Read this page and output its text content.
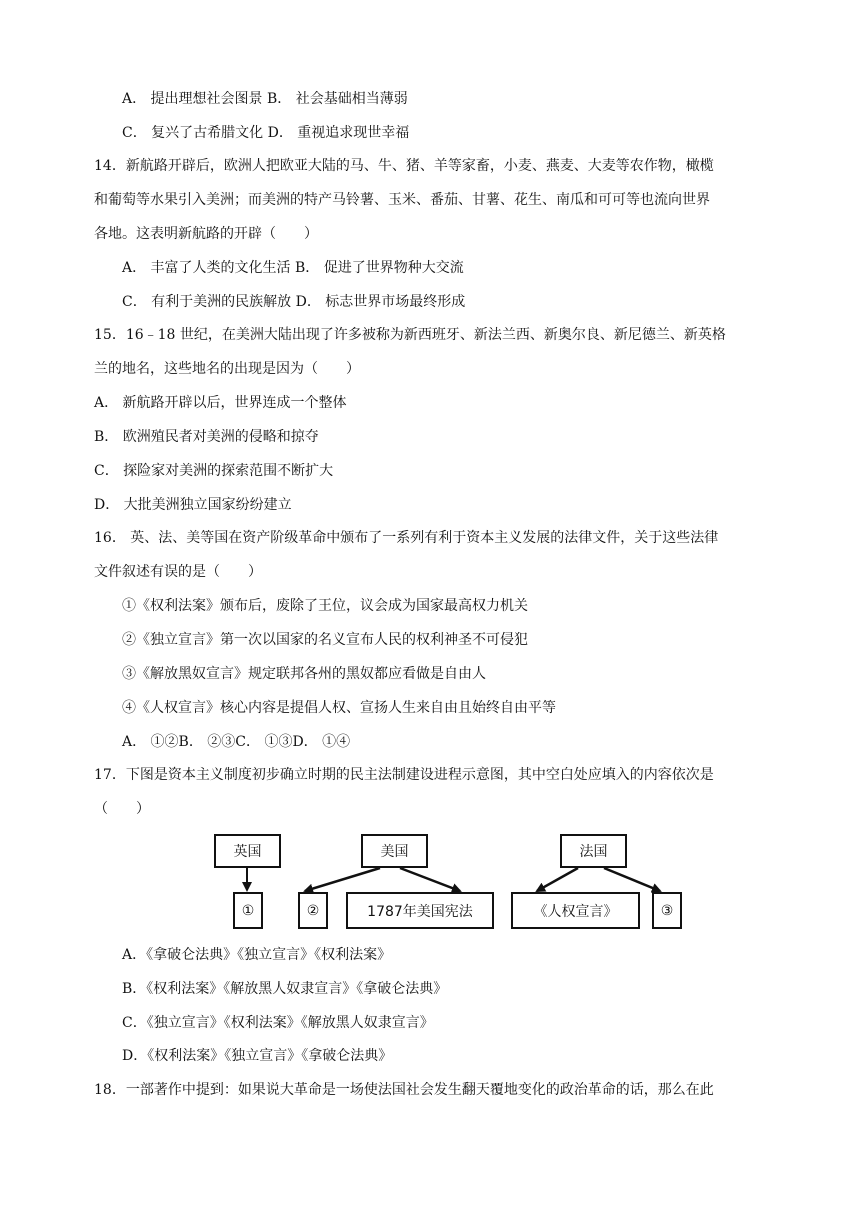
A． 提出理想社会图景 B． 社会基础相当薄弱
C． 复兴了古希腊文化 D． 重视追求现世幸福
14．新航路开辟后，欧洲人把欧亚大陆的马、牛、猪、羊等家畜，小麦、燕麦、大麦等农作物，橄榄
和葡萄等水果引入美洲；而美洲的特产马铃薯、玉米、番茄、甘薯、花生、南瓜和可可等也流向世界
各地。这表明新航路的开辟（　　）
A． 丰富了人类的文化生活 B． 促进了世界物种大交流
C． 有利于美洲的民族解放 D． 标志世界市场最终形成
15．16﹣18 世纪，在美洲大陆出现了许多被称为新西班牙、新法兰西、新奥尔良、新尼德兰、新英格
兰的地名，这些地名的出现是因为（　　）
A． 新航路开辟以后，世界连成一个整体
B． 欧洲殖民者对美洲的侵略和掠夺
C． 探险家对美洲的探索范围不断扩大
D． 大批美洲独立国家纷纷建立
16． 英、法、美等国在资产阶级革命中颁布了一系列有利于资本主义发展的法律文件，关于这些法律
文件叙述有误的是（　　）
①《权利法案》颁布后，废除了王位，议会成为国家最高权力机关
②《独立宣言》第一次以国家的名义宣布人民的权利神圣不可侵犯
③《解放黑奴宣言》规定联邦各州的黑奴都应看做是自由人
④《人权宣言》核心内容是提倡人权、宣扬人生来自由且始终自由平等
A． ①②B． ②③C． ①③D． ①④
17．下图是资本主义制度初步确立时期的民主法制建设进程示意图，其中空白处应填入的内容依次是
（　　）
英国	美国	法国
①	②	1787年美国宪法	《人权宣言》	③
A．《拿破仑法典》《独立宣言》《权利法案》
B．《权利法案》《解放黑人奴隶宣言》《拿破仑法典》
C．《独立宣言》《权利法案》《解放黑人奴隶宣言》
D．《权利法案》《独立宣言》《拿破仑法典》
18．一部著作中提到：如果说大革命是一场使法国社会发生翻天覆地变化的政治革命的话，那么在此
